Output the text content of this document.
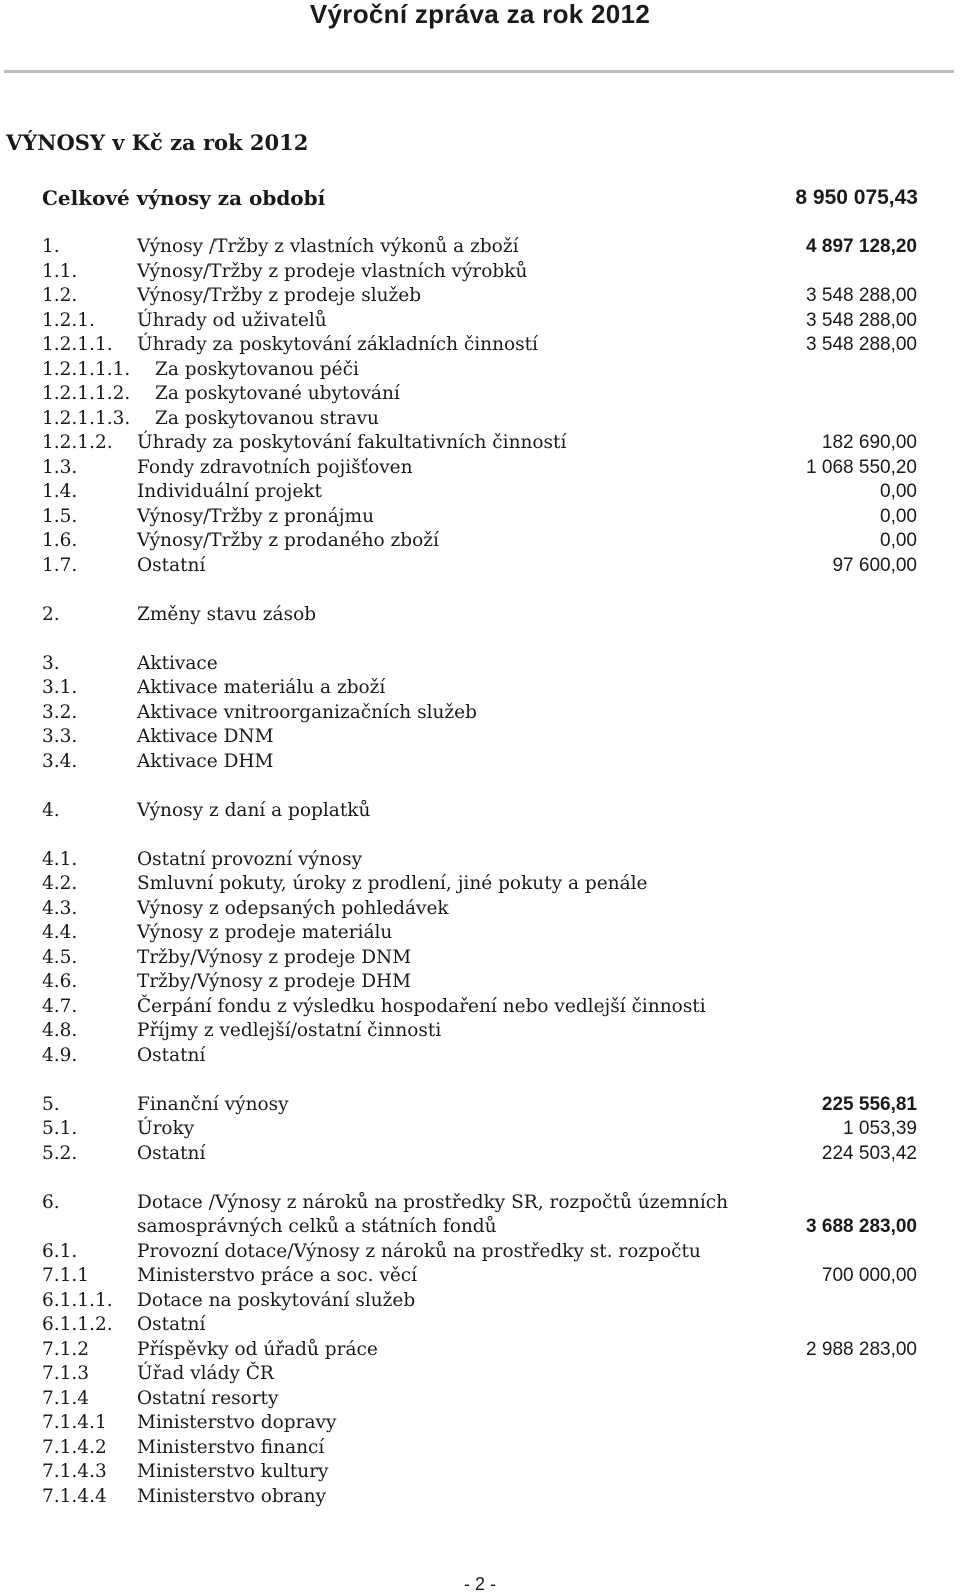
Výroční zpráva za rok 2012
VÝNOSY v Kč za rok 2012
Celkové výnosy za období	8 950 075,43
1.	Výnosy /Tržby z vlastních výkonů a zboží	4 897 128,20
1.1.	Výnosy/Tržby z prodeje vlastních výrobků
1.2.	Výnosy/Tržby z prodeje služeb	3 548 288,00
1.2.1. Úhrady od uživatelů	3 548 288,00
1.2.1.1. Úhrady za poskytování základních činností	3 548 288,00
1.2.1.1.1. Za poskytovanou péči
1.2.1.1.2. Za poskytované ubytování
1.2.1.1.3. Za poskytovanou stravu
1.2.1.2. Úhrady za poskytování fakultativních činností	182 690,00
1.3.	Fondy zdravotních pojišťoven	1 068 550,20
1.4.	Individuální projekt	0,00
1.5.	Výnosy/Tržby z pronájmu	0,00
1.6.	Výnosy/Tržby z prodaného zboží	0,00
1.7.	Ostatní	97 600,00
2.	Změny stavu zásob
3.	Aktivace
3.1.	Aktivace materiálu a zboží
3.2.	Aktivace vnitroorganizačních služeb
3.3.	Aktivace DNM
3.4.	Aktivace DHM
4.	Výnosy z daní a poplatků
4.1.	Ostatní provozní výnosy
4.2.	Smluvní pokuty, úroky z prodlení, jiné pokuty a penále
4.3.	Výnosy z odepsaných pohledávek
4.4.	Výnosy z prodeje materiálu
4.5.	Tržby/Výnosy z prodeje DNM
4.6.	Tržby/Výnosy z prodeje DHM
4.7.	Čerpání fondu z výsledku hospodaření nebo vedlejší činnosti
4.8.	Příjmy z vedlejší/ostatní činnosti
4.9.	Ostatní
5.	Finanční výnosy	225 556,81
5.1.	Úroky	1 053,39
5.2.	Ostatní	224 503,42
6.	Dotace /Výnosy z nároků na prostředky SR, rozpočtů územních
samosprávných celků a státních fondů	3 688 283,00
6.1.	Provozní dotace/Výnosy z nároků na prostředky st. rozpočtu
7.1.1	Ministerstvo práce a soc. věcí	700 000,00
6.1.1.1. Dotace na poskytování služeb
6.1.1.2. Ostatní
7.1.2	Příspěvky od úřadů práce	2 988 283,00
7.1.3	Úřad vlády ČR
7.1.4	Ostatní resorty
7.1.4.1 Ministerstvo dopravy
7.1.4.2 Ministerstvo financí
7.1.4.3 Ministerstvo kultury
7.1.4.4 Ministerstvo obrany
- 2 -
